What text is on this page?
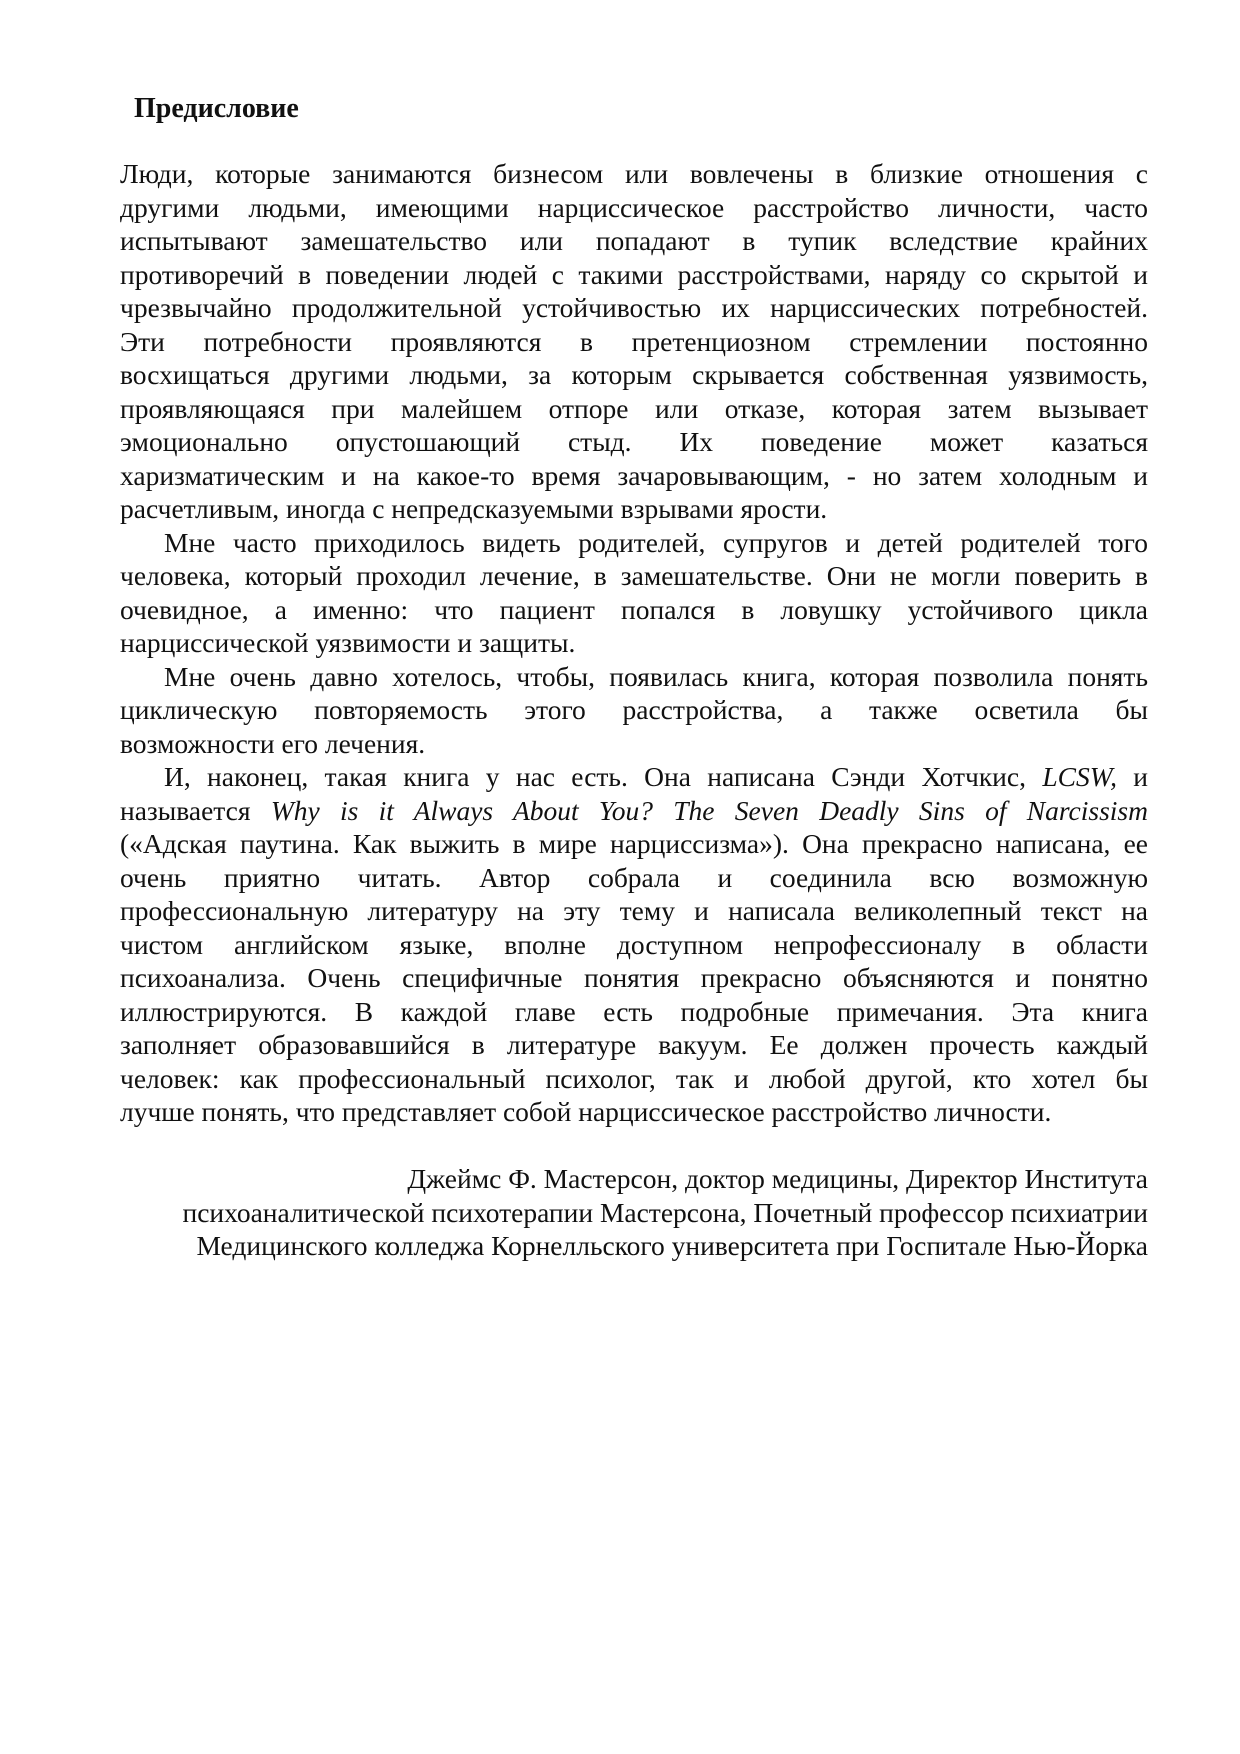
Предисловие
Люди, которые занимаются бизнесом или вовлечены в близкие отношения с
другими людьми, имеющими нарциссическое расстройство личности, часто
испытывают замешательство или попадают в тупик вследствие крайних
противоречий в поведении людей с такими расстройствами, наряду со скрытой и
чрезвычайно продолжительной устойчивостью их нарциссических потребностей.
Эти потребности проявляются в претенциозном стремлении постоянно
восхищаться другими людьми, за которым скрывается собственная уязвимость,
проявляющаяся при малейшем отпоре или отказе, которая затем вызывает
эмоционально опустошающий стыд. Их поведение может казаться
харизматическим и на какое-то время зачаровывающим, - но затем холодным и
расчетливым, иногда с непредсказуемыми взрывами ярости.
Мне часто приходилось видеть родителей, супругов и детей родителей того
человека, который проходил лечение, в замешательстве. Они не могли поверить в
очевидное, а именно: что пациент попался в ловушку устойчивого цикла
нарциссической уязвимости и защиты.
Мне очень давно хотелось, чтобы, появилась книга, которая позволила понять
циклическую повторяемость этого расстройства, а также осветила бы
возможности его лечения.
И, наконец, такая книга у нас есть. Она написана Сэнди Хотчкис, LCSW, и
называется Why is it Always About You? The Seven Deadly Sins of Narcissism
(«Адская паутина. Как выжить в мире нарциссизма»). Она прекрасно написана, ее
очень приятно читать. Автор собрала и соединила всю возможную
профессиональную литературу на эту тему и написала великолепный текст на
чистом английском языке, вполне доступном непрофессионалу в области
психоанализа. Очень специфичные понятия прекрасно объясняются и понятно
иллюстрируются. В каждой главе есть подробные примечания. Эта книга
заполняет образовавшийся в литературе вакуум. Ее должен прочесть каждый
человек: как профессиональный психолог, так и любой другой, кто хотел бы
лучше понять, что представляет собой нарциссическое расстройство личности.
Джеймс Ф. Мастерсон, доктор медицины, Директор Института
психоаналитической психотерапии Мастерсона, Почетный профессор психиатрии
Медицинского колледжа Корнелльского университета при Госпитале Нью-Йорка
